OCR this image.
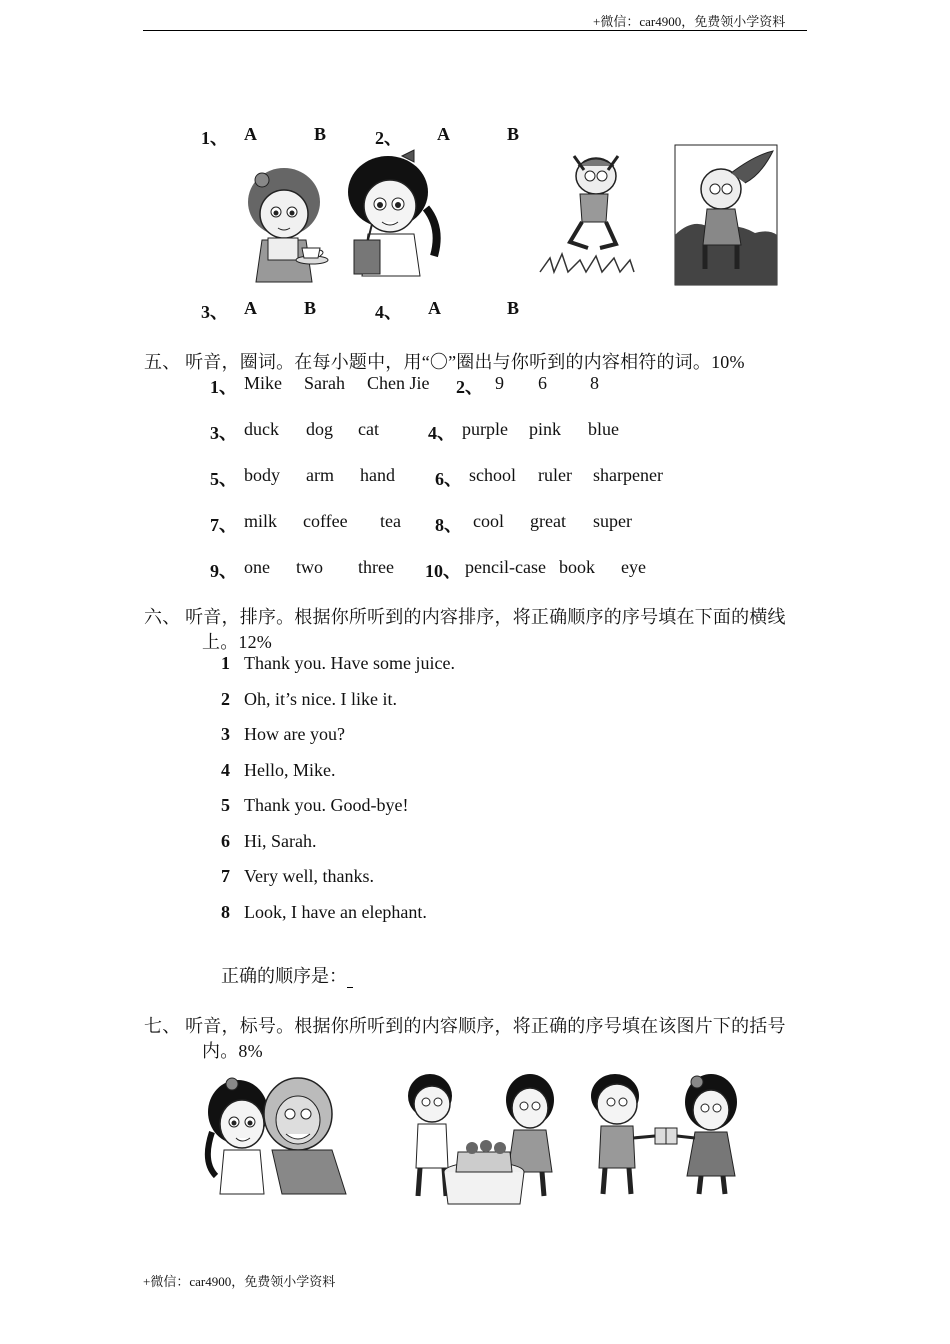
+微信：car4900，免费领小学资料
1、 A	B	2、 A	B
3、 A	B	4、 A	B
五、 听音，圈词。在每小题中，用“〇”圈出与你听到的内容相符的词。10%
1、 Mike Sarah Chen Jie 2、 9 6 8
3、 duck dog cat	4、 purple pink blue
5、 body arm hand 6、 school ruler sharpener
7、 milk coffee tea 8、 cool great super
9、 one two three 10、 pencil-case book eye
六、 听音，排序。根据你所听到的内容排序，将正确顺序的序号填在下面的横线
上。12%
1 Thank you. Have some juice.
2 Oh, it’s nice. I like it.
3 How are you?
4 Hello, Mike.
5 Thank you. Good-bye!
6 Hi, Sarah.
7 Very well, thanks.
8 Look, I have an elephant.
正确的顺序是：
七、 听音，标号。根据你所听到的内容顺序，将正确的序号填在该图片下的括号
内。8%
+微信：car4900，免费领小学资料
